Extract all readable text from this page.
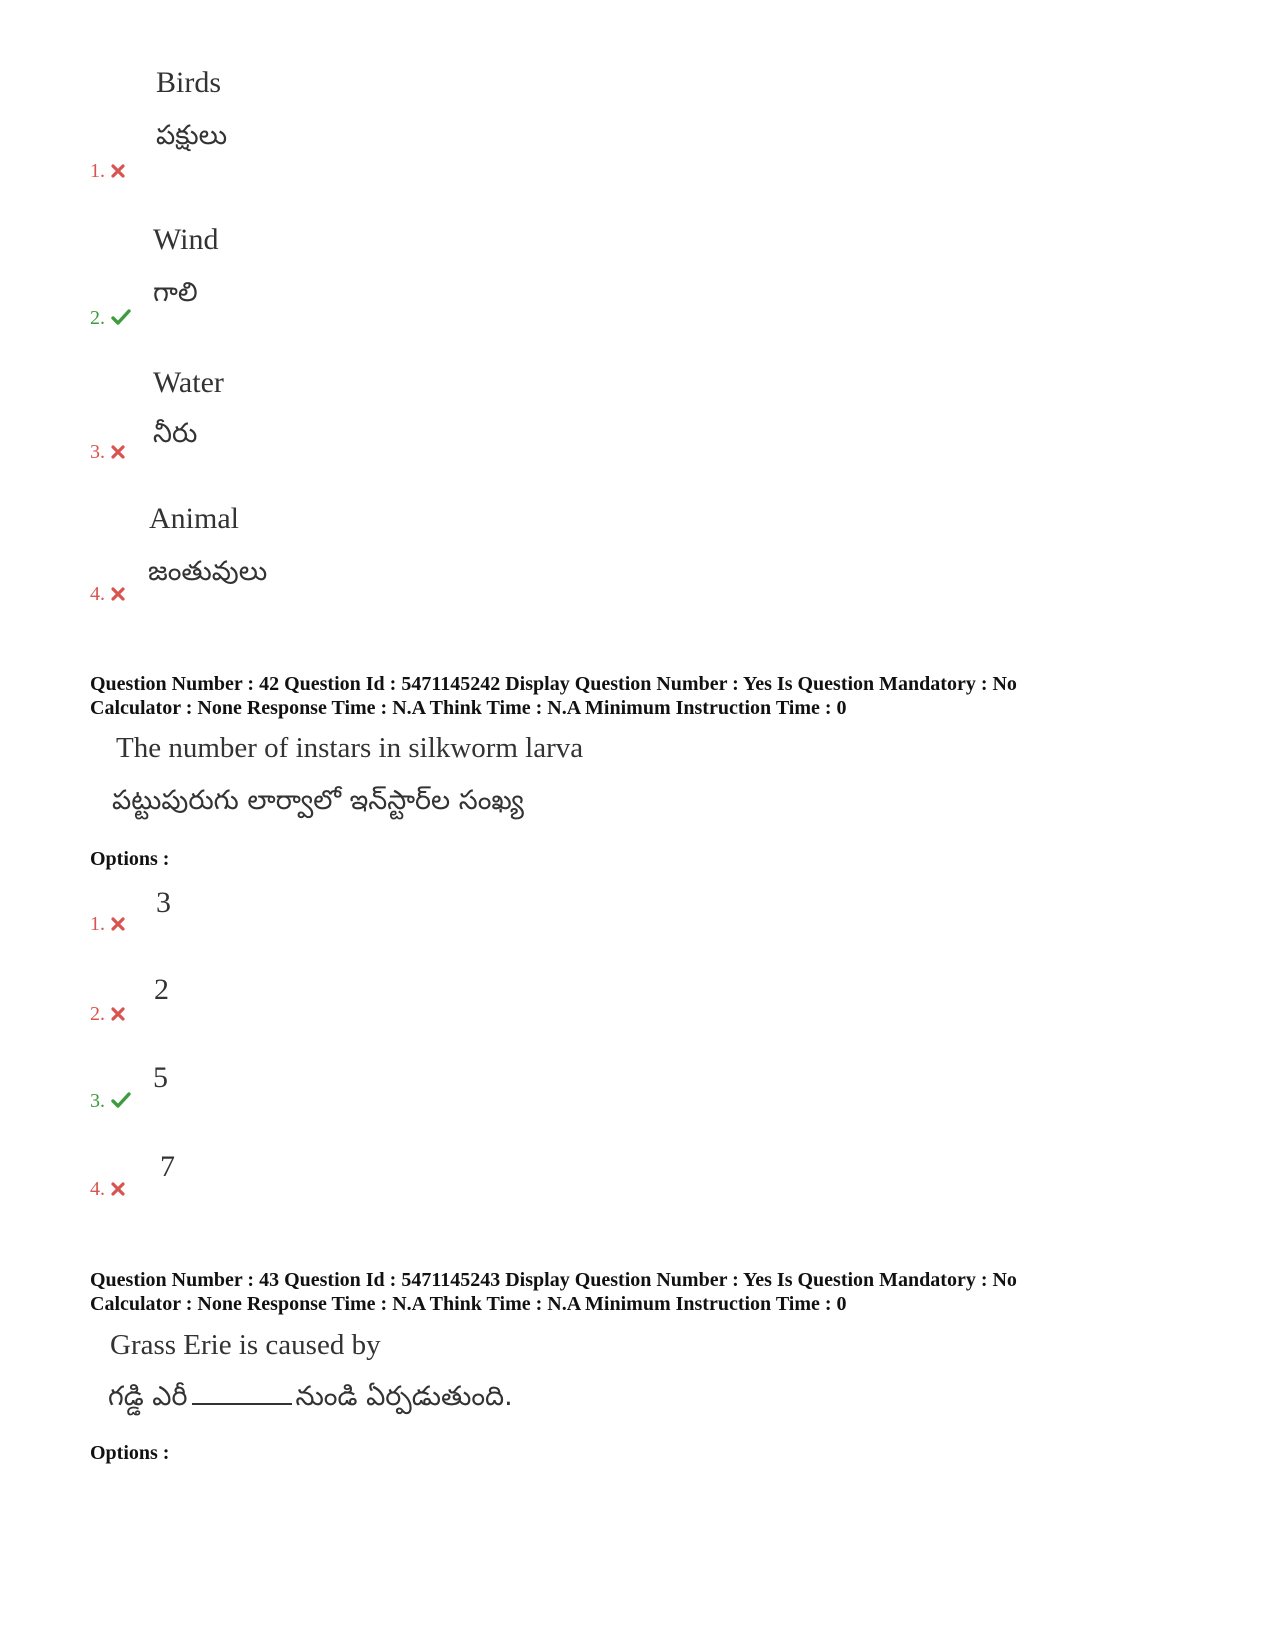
Birds
పక్షులు
1.
Wind
గాలి
2.
Water
నీరు
3.
Animal
జంతువులు
4.
Question Number : 42 Question Id : 5471145242 Display Question Number : Yes Is Question Mandatory : No
Calculator : None Response Time : N.A Think Time : N.A Minimum Instruction Time : 0
The number of instars in silkworm larva
పట్టుపురుగు లార్వాలో ఇన్‌స్టార్‌ల సంఖ్య
Options :
3
1.
2
2.
5
3.
7
4.
Question Number : 43 Question Id : 5471145243 Display Question Number : Yes Is Question Mandatory : No
Calculator : None Response Time : N.A Think Time : N.A Minimum Instruction Time : 0
Grass Erie is caused by
గడ్డి ఎరీ	నుండి ఏర్పడుతుంది.
Options :
